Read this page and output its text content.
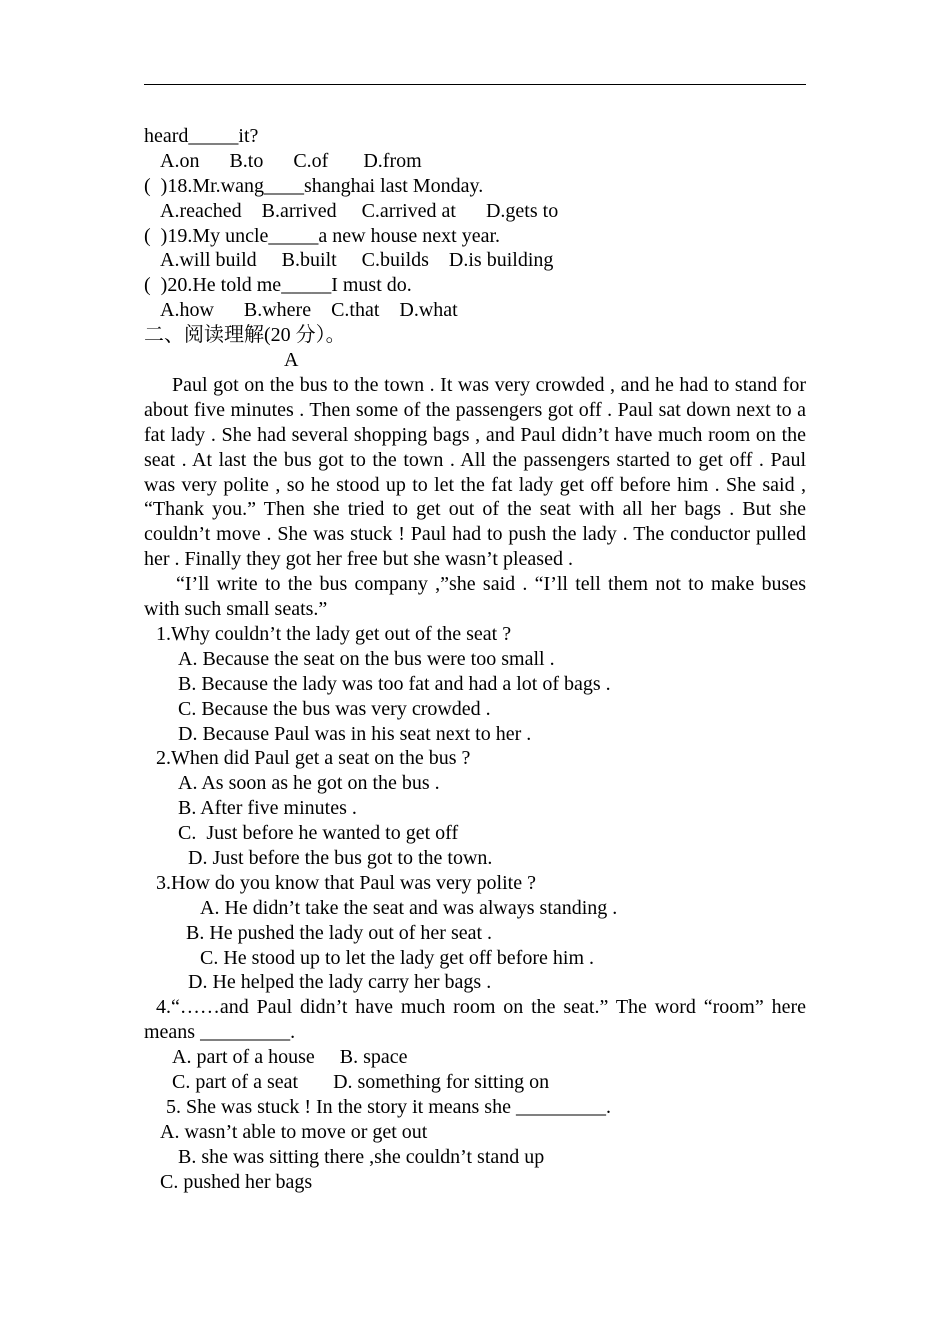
heard_____it?
A.on      B.to      C.of       D.from
(  )18.Mr.wang____shanghai last Monday.
A.reached    B.arrived     C.arrived at      D.gets to
(  )19.My uncle_____a new house next year.
A.will build     B.built     C.builds    D.is building
(  )20.He told me_____I must do.
A.how      B.where    C.that    D.what
二、阅读理解(20 分）。
A
Paul got on the bus to the town . It was very crowded , and he had to stand for about five minutes . Then some of the passengers got off . Paul sat down next to a fat lady . She had several shopping bags , and Paul didn’t have much room on the seat . At last the bus got to the town . All the passengers started to get off . Paul was very polite , so he stood up to let the fat lady get off before him . She said , “Thank you.” Then she tried to get out of the seat with all her bags . But she couldn’t move . She was stuck ! Paul had to push the lady . The conductor pulled her . Finally they got her free but she wasn’t pleased .
“I’ll write to the bus company ,”she said . “I’ll tell them not to make buses with such small seats.”
1.Why couldn’t the lady get out of the seat ?
A. Because the seat on the bus were too small .
B. Because the lady was too fat and had a lot of bags .
C. Because the bus was very crowded .
D. Because Paul was in his seat next to her .
2.When did Paul get a seat on the bus ?
A. As soon as he got on the bus .
B. After five minutes .
C.  Just before he wanted to get off
D. Just before the bus got to the town.
3.How do you know that Paul was very polite ?
A. He didn’t take the seat and was always standing .
B. He pushed the lady out of her seat .
C. He stood up to let the lady get off before him .
D. He helped the lady carry her bags .
4.“……and Paul didn’t have much room on the seat.” The word “room” here means _________.
A. part of a house     B. space
C. part of a seat       D. something for sitting on
5. She was stuck ! In the story it means she _________.
A. wasn’t able to move or get out
B. she was sitting there ,she couldn’t stand up
C. pushed her bags
